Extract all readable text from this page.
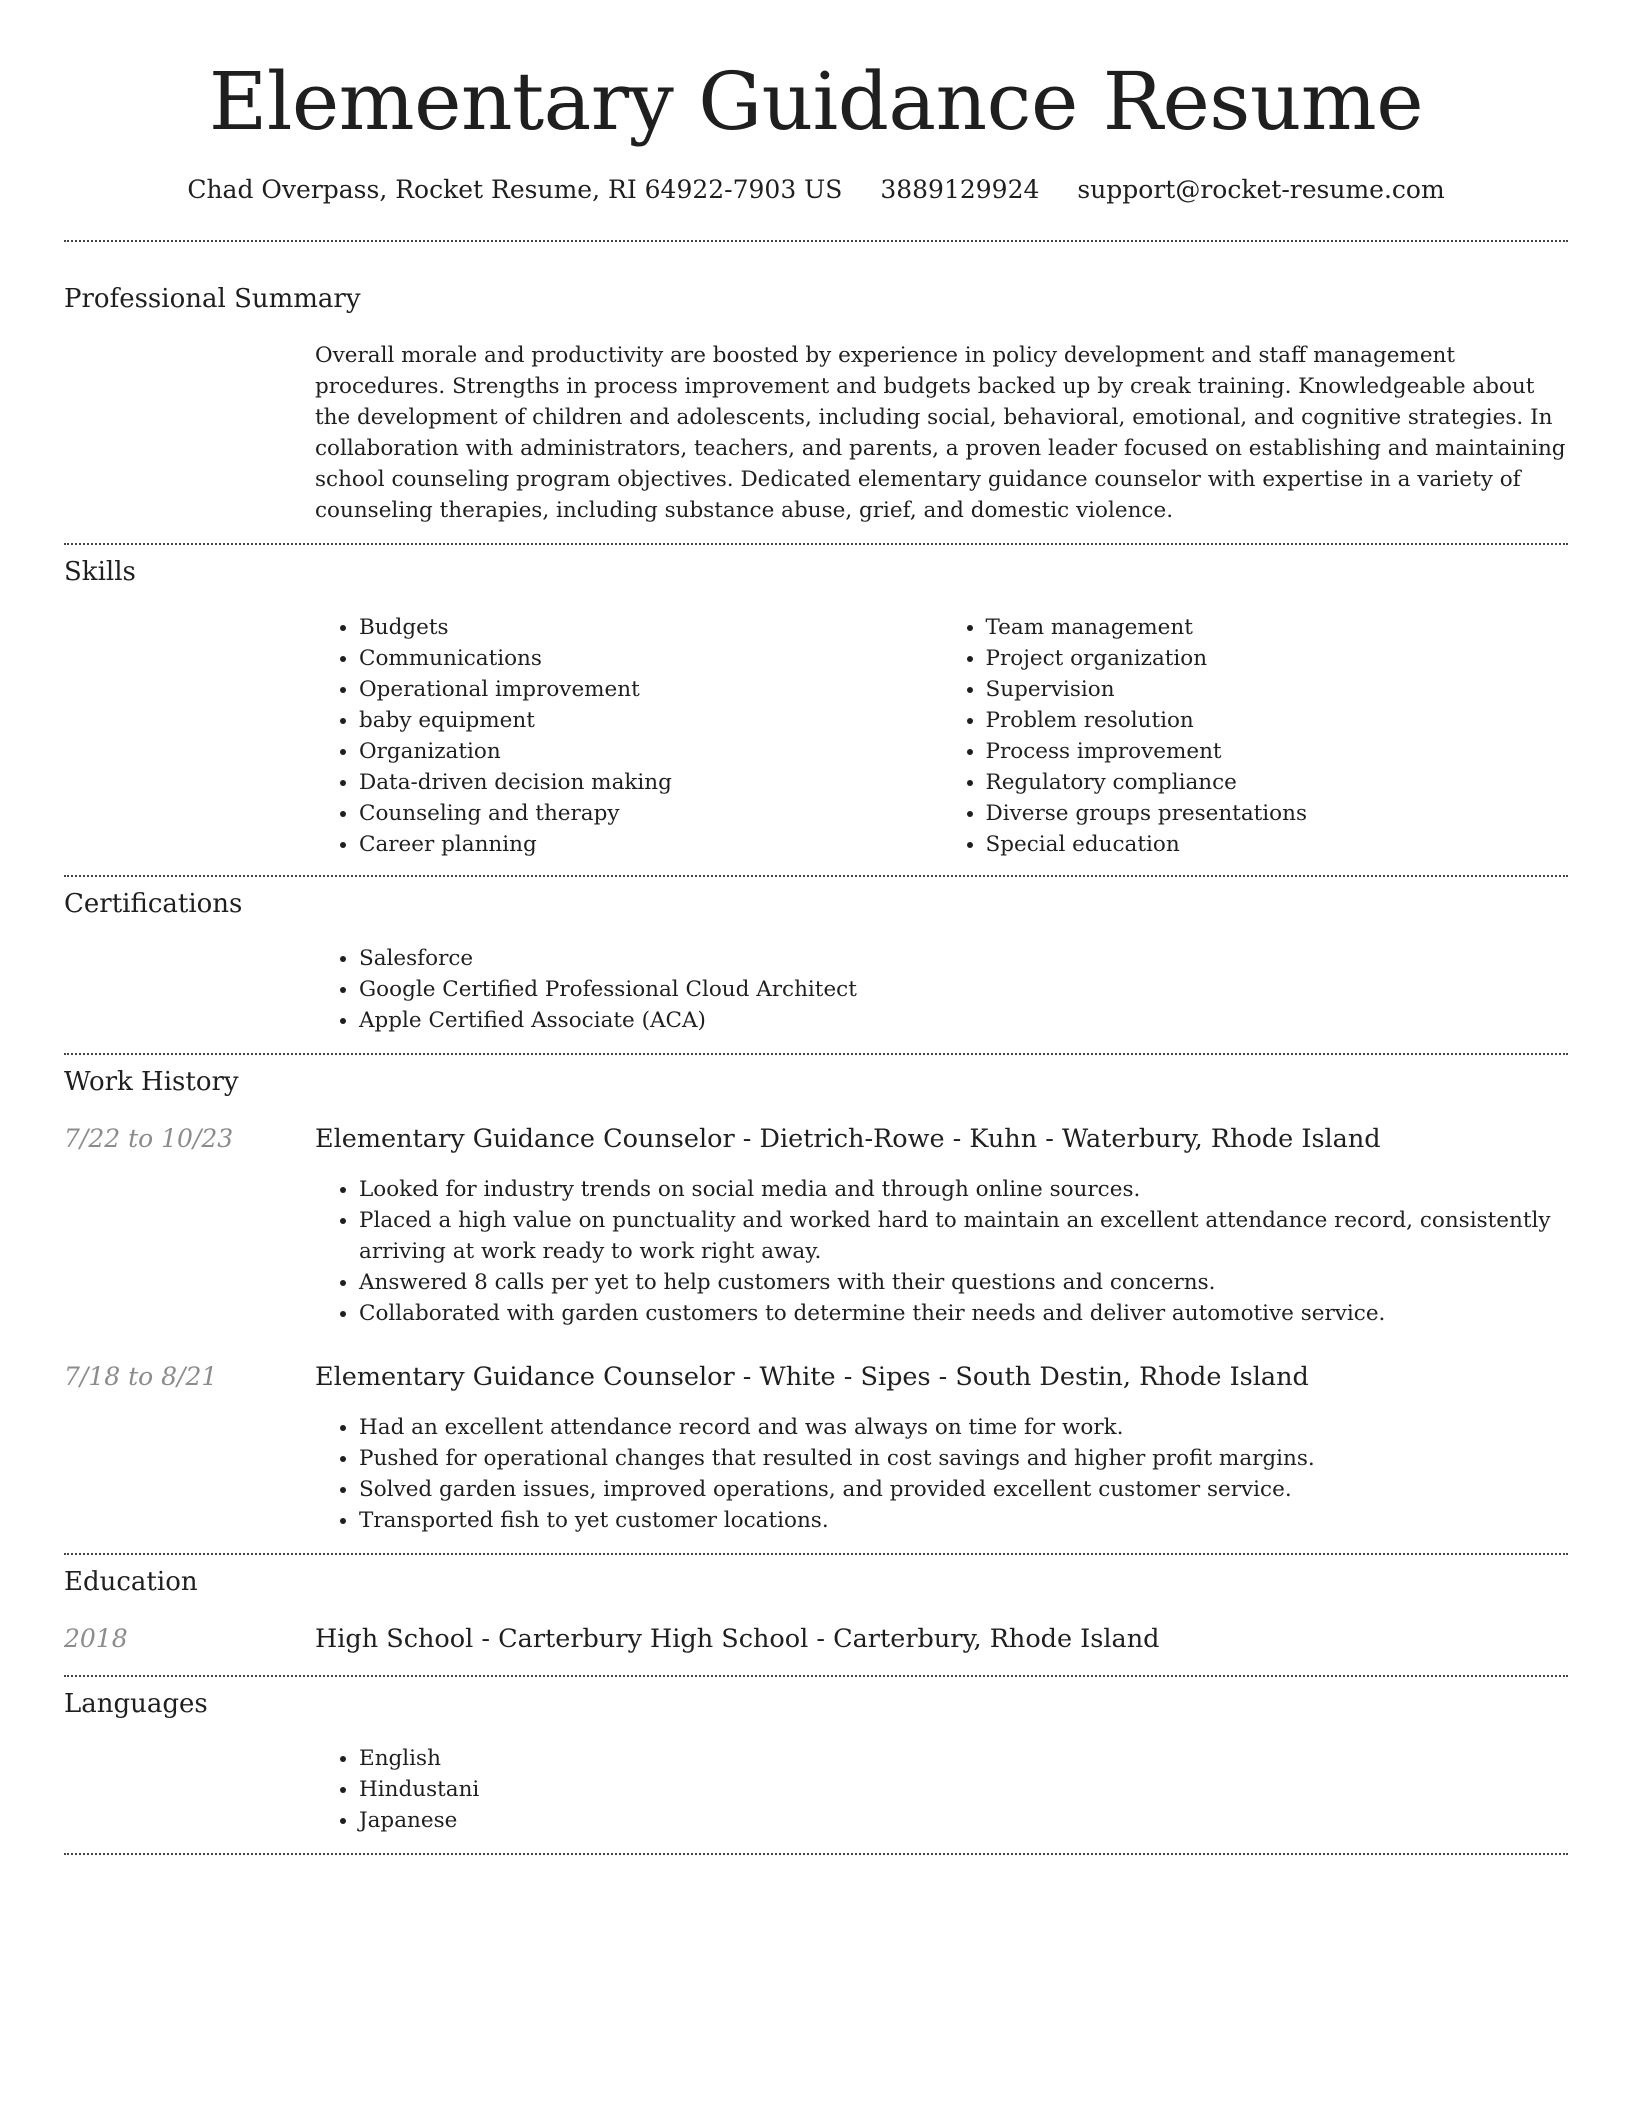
Elementary Guidance Resume
Chad Overpass, Rocket Resume, RI 64922-7903 US 3889129924 support@rocket-resume.com
Professional Summary

Overall morale and productivity are boosted by experience in policy development and staff management procedures. Strengths in process improvement and budgets backed up by creak training. Knowledgeable about the development of children and adolescents, including social, behavioral, emotional, and cognitive strategies. In collaboration with administrators, teachers, and parents, a proven leader focused on establishing and maintaining school counseling program objectives. Dedicated elementary guidance counselor with expertise in a variety of counseling therapies, including substance abuse, grief, and domestic violence.

Skills
• Budgets
• Communications
• Operational improvement
• baby equipment
• Organization
• Data-driven decision making
• Counseling and therapy
• Career planning
• Team management
• Project organization
• Supervision
• Problem resolution
• Process improvement
• Regulatory compliance
• Diverse groups presentations
• Special education
Certifications
• Salesforce
• Google Certified Professional Cloud Architect
• Apple Certified Associate (ACA)
Work History
7/22 to 10/23	Elementary Guidance Counselor - Dietrich-Rowe - Kuhn - Waterbury, Rhode Island
• Looked for industry trends on social media and through online sources.
• Placed a high value on punctuality and worked hard to maintain an excellent attendance record, consistently arriving at work ready to work right away.
• Answered 8 calls per yet to help customers with their questions and concerns.
• Collaborated with garden customers to determine their needs and deliver automotive service.
7/18 to 8/21	Elementary Guidance Counselor - White - Sipes - South Destin, Rhode Island
• Had an excellent attendance record and was always on time for work.
• Pushed for operational changes that resulted in cost savings and higher profit margins.
• Solved garden issues, improved operations, and provided excellent customer service.
• Transported fish to yet customer locations.
Education
2018	High School - Carterbury High School - Carterbury, Rhode Island
Languages
• English
• Hindustani
• Japanese
